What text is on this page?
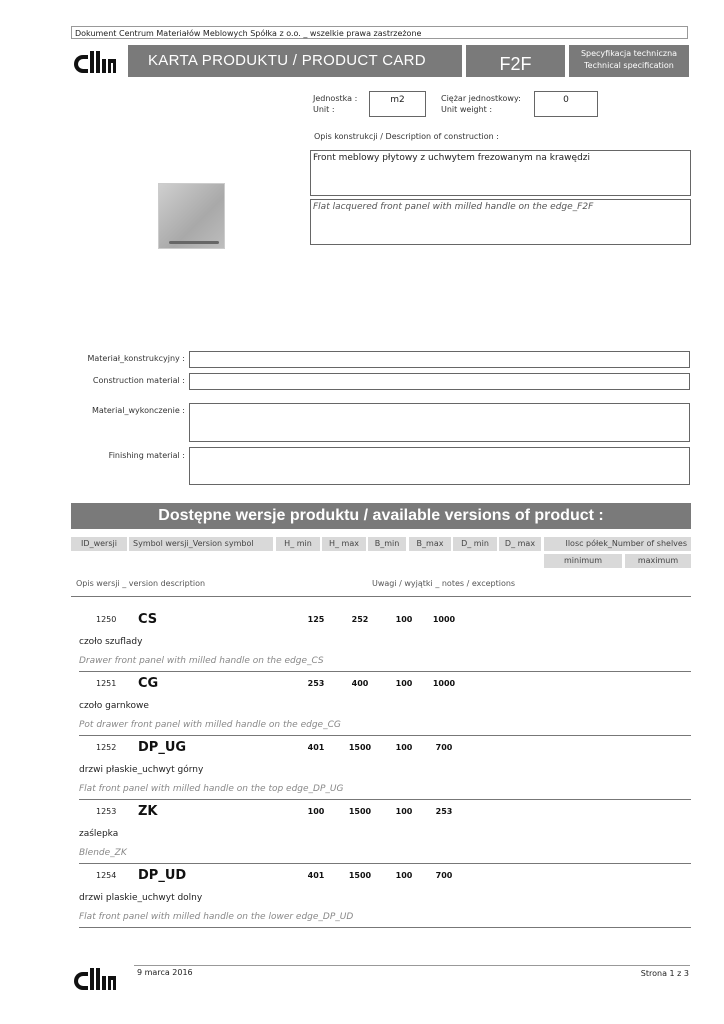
Dokument Centrum Materiałów Meblowych Spółka z o.o. _ wszelkie prawa zastrzeżone
KARTA PRODUKTU / PRODUCT CARD	F2F
Specyfikacja techniczna
Technical specification
Jednostka :
Unit :
m2	Ciężar jednostkowy:
Unit weight :
0
Opis konstrukcji / Description of construction :
Front meblowy płytowy z uchwytem frezowanym na krawędzi
Flat lacquered front panel with milled handle on the edge_F2F
Materiał_konstrukcyjny :
Construction material :
Material_wykonczenie :
Finishing material :
Dostępne wersje produktu / available versions of product :
ID_wersji	Symbol wersji_Version symbol	H_ min	H_ max	B_min	B_max	D_ min	D_ max	Ilosc półek_Number of shelves
minimum	maximum
Opis wersji _ version description	Uwagi / wyjątki _ notes / exceptions
1250 CS	125	252	100	1000
czoło szuflady
Drawer front panel with milled handle on the edge_CS
1251 CG	253	400	100	1000
czoło garnkowe
Pot drawer front panel with milled handle on the edge_CG
1252 DP_UG	401	1500	100	700
drzwi płaskie_uchwyt górny
Flat front panel with milled handle on the top edge_DP_UG
1253 ZK	100	1500	100	253
zaślepka
Blende_ZK
1254 DP_UD	401	1500	100	700
drzwi plaskie_uchwyt dolny
Flat front panel with milled handle on the lower edge_DP_UD
9 marca 2016	Strona 1 z 3
